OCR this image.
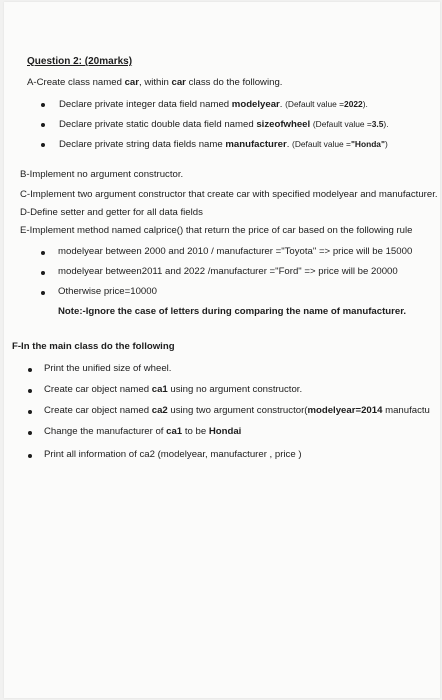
Question 2: (20marks)
A-Create class named car, within car class do the following.
Declare private integer data field named modelyear. (Default value =2022).
Declare private static double data field named sizeofwheel (Default value =3.5).
Declare private string data fields name manufacturer. (Default value ="Honda")
B-Implement no argument constructor.
C-Implement two argument constructor that create car with specified modelyear and manufacturer.
D-Define setter and getter for all data fields
E-Implement method named calprice() that return the price of car based on the following rule
modelyear between 2000 and 2010 / manufacturer ="Toyota" => price will be 15000
modelyear between2011 and 2022 /manufacturer ="Ford" => price will be 20000
Otherwise price=10000
Note:-Ignore the case of letters during comparing the name of manufacturer.
F-In the main class do the following
Print the unified size of wheel.
Create car object named ca1 using no argument constructor.
Create car object named ca2 using two argument constructor(modelyear=2014 manufactu
Change the manufacturer of ca1 to be Hondai
Print all information of ca2 (modelyear, manufacturer , price )
